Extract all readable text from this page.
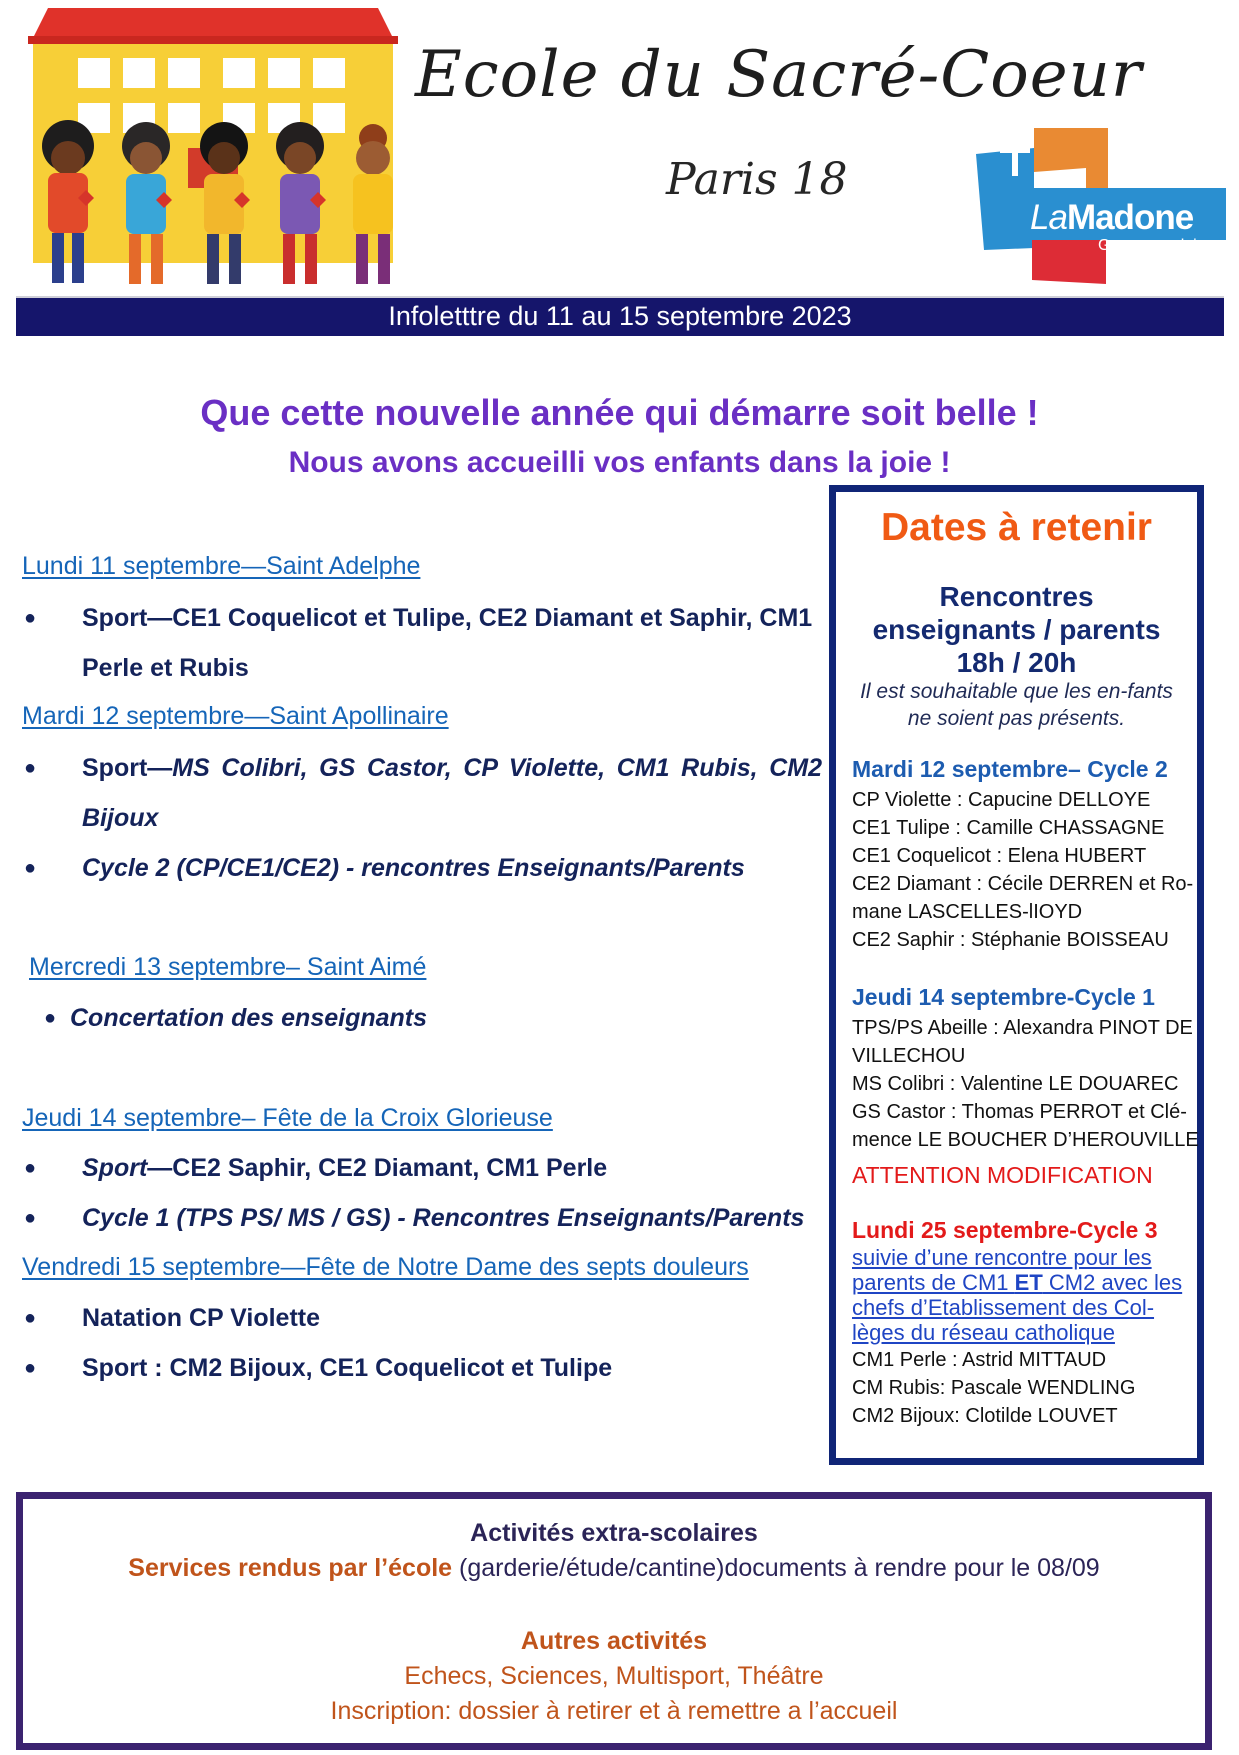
Ecole du Sacré-Coeur
Paris 18
LaMadone
Groupe scolaire
Infoletttre du 11 au 15 septembre 2023
Que cette nouvelle année qui démarre soit belle !
Nous avons accueilli vos enfants dans la joie !
Lundi 11 septembre—Saint Adelphe
● Sport—CE1 Coquelicot et Tulipe, CE2 Diamant et Saphir, CM1 Perle et Rubis
Mardi 12 septembre—Saint Apollinaire
● Sport—MS Colibri, GS Castor, CP Violette, CM1 Rubis, CM2 Bijoux
● Cycle 2 (CP/CE1/CE2) - rencontres Enseignants/Parents
Mercredi 13 septembre– Saint Aimé
● Concertation des enseignants
Jeudi 14 septembre– Fête de la Croix Glorieuse
● Sport—CE2 Saphir, CE2 Diamant, CM1 Perle
● Cycle 1 (TPS PS/ MS / GS) - Rencontres Enseignants/Parents
Vendredi 15 septembre—Fête de Notre Dame des septs douleurs
● Natation CP Violette
● Sport : CM2 Bijoux, CE1 Coquelicot et Tulipe
Dates à retenir
Rencontres
enseignants / parents
18h / 20h
Il est souhaitable que les en-fants ne soient pas présents.
Mardi 12 septembre– Cycle 2
CP Violette : Capucine DELLOYE
CE1 Tulipe : Camille CHASSAGNE
CE1 Coquelicot : Elena HUBERT
CE2 Diamant : Cécile DERREN et Ro-mane LASCELLES-lIOYD
CE2 Saphir : Stéphanie BOISSEAU
Jeudi 14 septembre-Cycle 1
TPS/PS Abeille : Alexandra PINOT DE VILLECHOU
MS Colibri : Valentine LE DOUAREC
GS Castor : Thomas PERROT et Clé-mence LE BOUCHER D’HEROUVILLE
ATTENTION MODIFICATION
Lundi 25 septembre-Cycle 3
suivie d’une rencontre pour les parents de CM1 ET CM2 avec les chefs d’Etablissement des Col-lèges du réseau catholique
CM1 Perle : Astrid MITTAUD
CM Rubis: Pascale WENDLING
CM2 Bijoux: Clotilde LOUVET
Activités extra-scolaires
Services rendus par l’école (garderie/étude/cantine)documents à rendre pour le 08/09
Autres activités
Echecs, Sciences, Multisport, Théâtre
Inscription: dossier à retirer et à remettre a l’accueil
